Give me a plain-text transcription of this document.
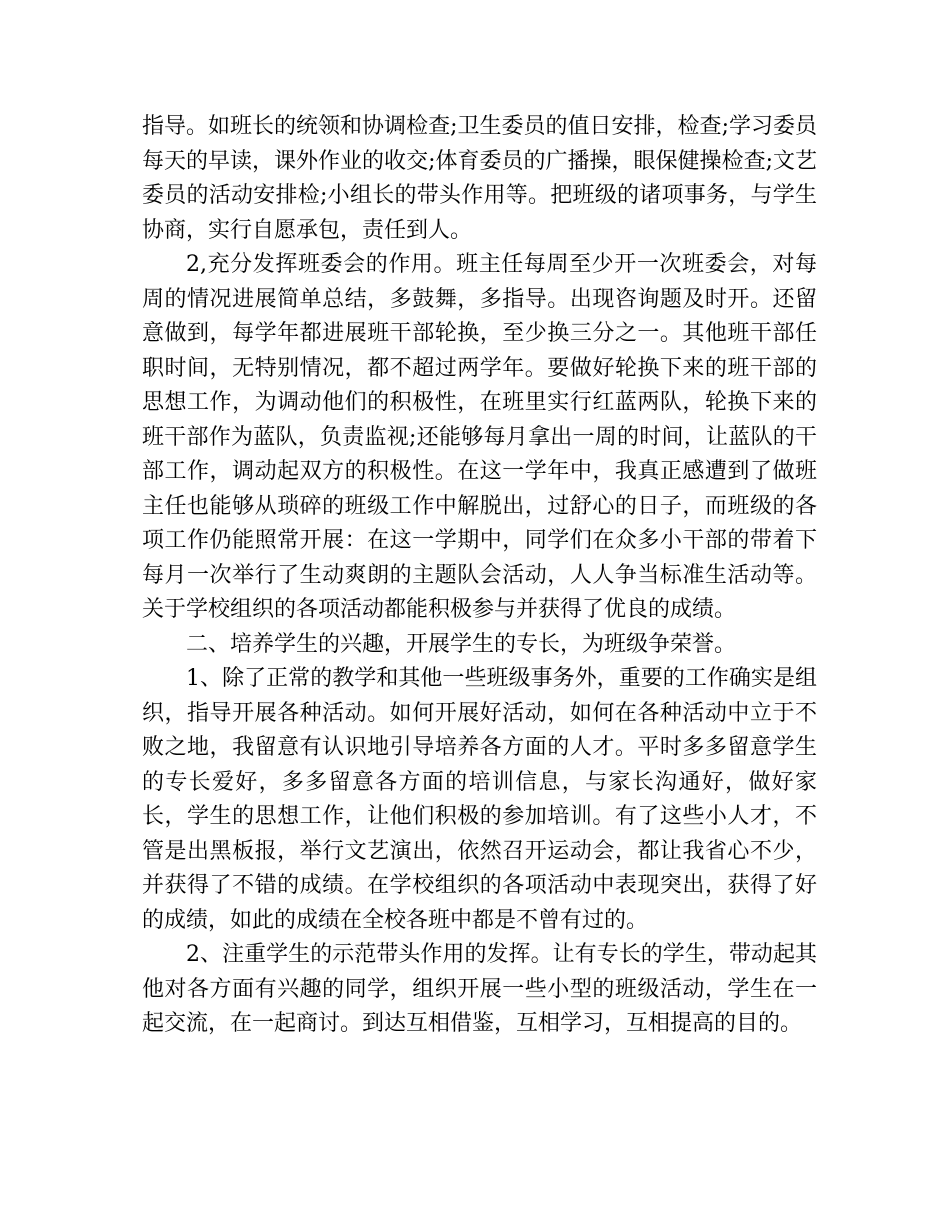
指导。如班长的统领和协调检查;卫生委员的值日安排，检查;学习委员每天的早读，课外作业的收交;体育委员的广播操，眼保健操检查;文艺委员的活动安排检;小组长的带头作用等。把班级的诸项事务，与学生协商，实行自愿承包，责任到人。

2,充分发挥班委会的作用。班主任每周至少开一次班委会，对每周的情况进展简单总结，多鼓舞，多指导。出现咨询题及时开。还留意做到，每学年都进展班干部轮换，至少换三分之一。其他班干部任职时间，无特别情况，都不超过两学年。要做好轮换下来的班干部的思想工作，为调动他们的积极性，在班里实行红蓝两队，轮换下来的班干部作为蓝队，负责监视;还能够每月拿出一周的时间，让蓝队的干部工作，调动起双方的积极性。在这一学年中，我真正感遭到了做班主任也能够从琐碎的班级工作中解脱出，过舒心的日子，而班级的各项工作仍能照常开展：在这一学期中，同学们在众多小干部的带着下每月一次举行了生动爽朗的主题队会活动，人人争当标准生活动等。关于学校组织的各项活动都能积极参与并获得了优良的成绩。

二、培养学生的兴趣，开展学生的专长，为班级争荣誉。

1、除了正常的教学和其他一些班级事务外，重要的工作确实是组织，指导开展各种活动。如何开展好活动，如何在各种活动中立于不败之地，我留意有认识地引导培养各方面的人才。平时多多留意学生的专长爱好，多多留意各方面的培训信息，与家长沟通好，做好家长，学生的思想工作，让他们积极的参加培训。有了这些小人才，不管是出黑板报，举行文艺演出，依然召开运动会，都让我省心不少，并获得了不错的成绩。在学校组织的各项活动中表现突出，获得了好的成绩，如此的成绩在全校各班中都是不曾有过的。

2、注重学生的示范带头作用的发挥。让有专长的学生，带动起其他对各方面有兴趣的同学，组织开展一些小型的班级活动，学生在一起交流，在一起商讨。到达互相借鉴，互相学习，互相提高的目的。
